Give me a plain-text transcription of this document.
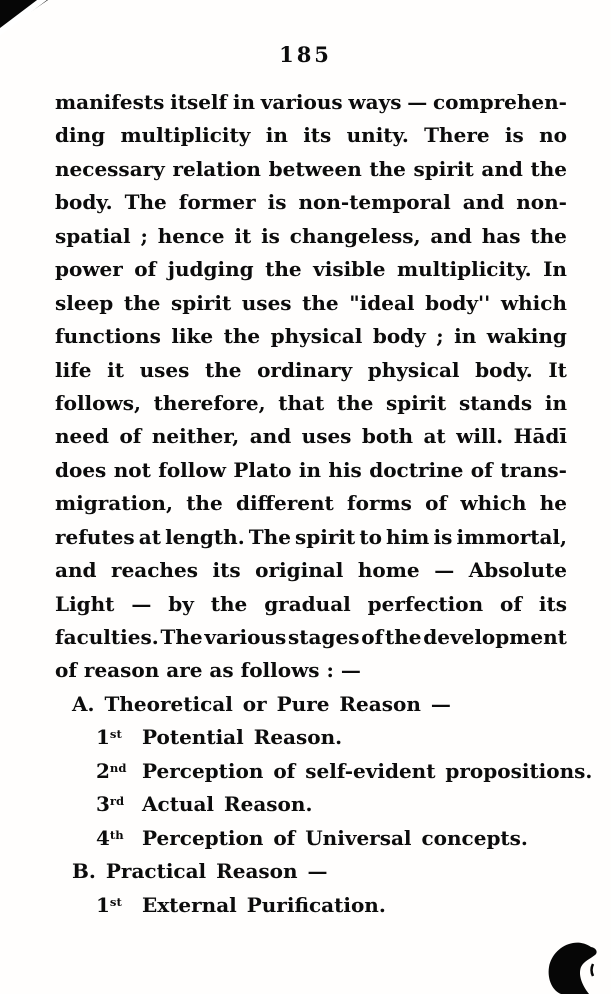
185
manifests itself in various ways — comprehen-
ding multiplicity in its unity. There is no
necessary relation between the spirit and the
body. The former is non-temporal and non-
spatial ; hence it is changeless, and has the
power of judging the visible multiplicity. In
sleep the spirit uses the "ideal body'' which
functions like the physical body ; in waking
life it uses the ordinary physical body. It
follows, therefore, that the spirit stands in
need of neither, and uses both at will. Hādī
does not follow Plato in his doctrine of trans-
migration, the different forms of which he
refutes at length. The spirit to him is immortal,
and reaches its original home — Absolute
Light — by the gradual perfection of its
faculties. The various stages of the development
of reason are as follows : —
A. Theoretical or Pure Reason —
1st Potential Reason.
2nd Perception of self-evident propositions.
3rd Actual Reason.
4th Perception of Universal concepts.
B. Practical Reason —
1st External Purification.
